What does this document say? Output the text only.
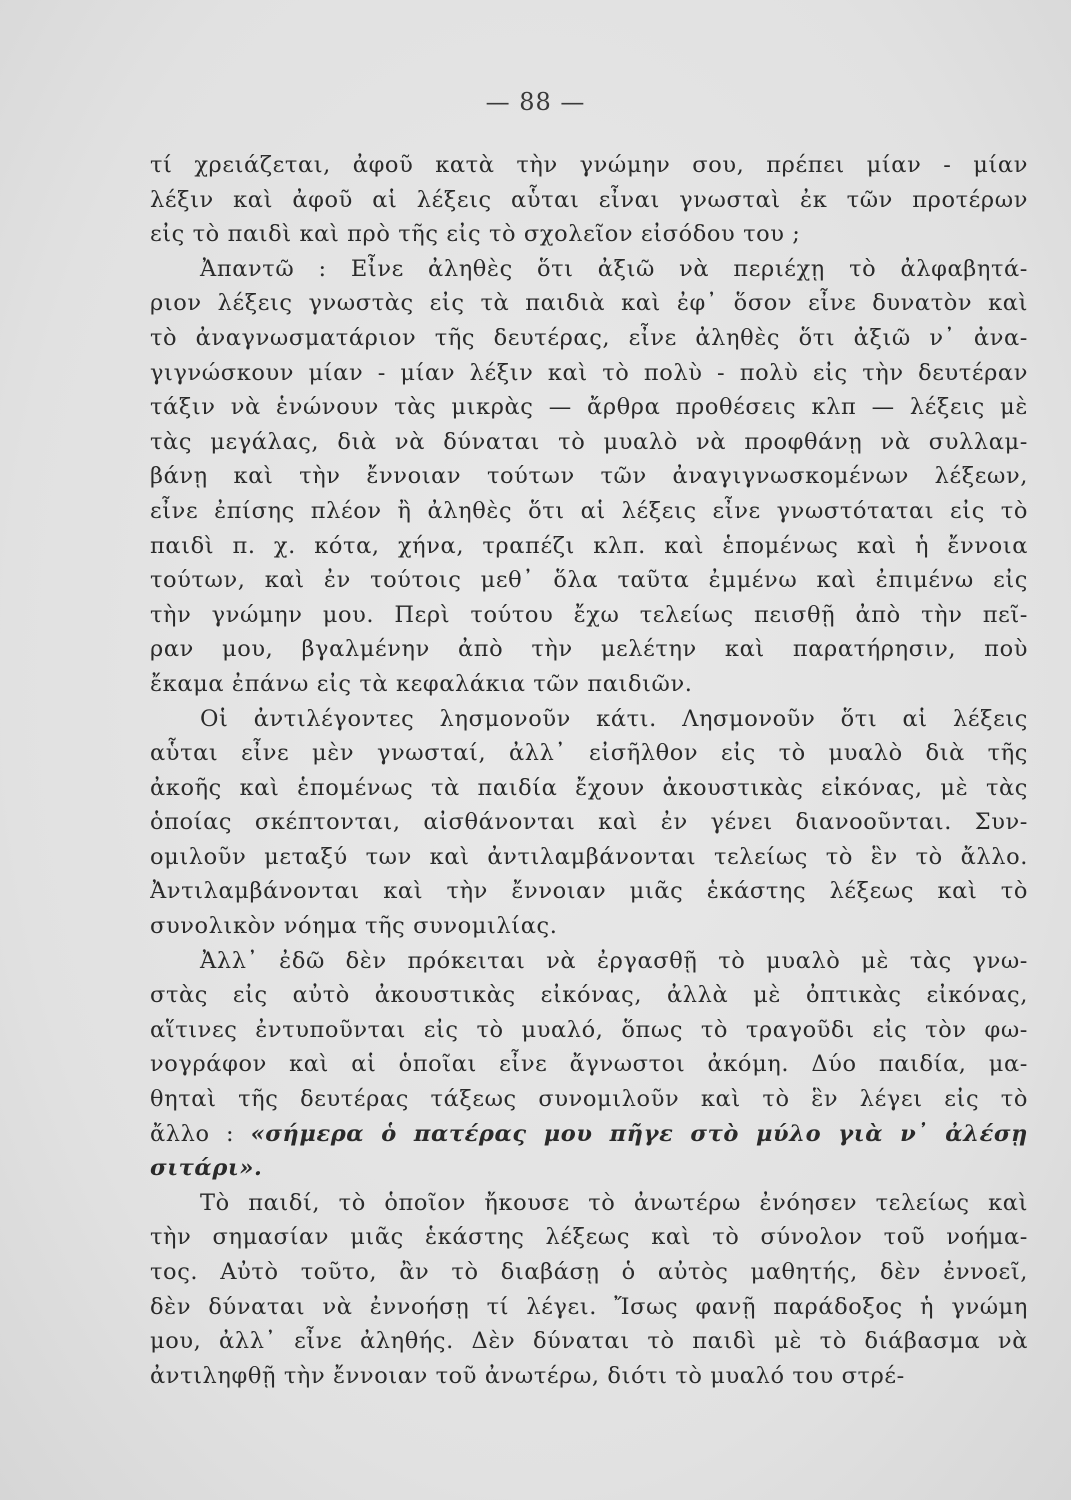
— 88 —
τί χρειάζεται, ἀφοῦ κατὰ τὴν γνώμην σου, πρέπει μίαν - μίαν
λέξιν καὶ ἀφοῦ αἱ λέξεις αὗται εἶναι γνωσταὶ ἐκ τῶν προτέρων
εἰς τὸ παιδὶ καὶ πρὸ τῆς εἰς τὸ σχολεῖον εἰσόδου του ;
Ἀπαντῶ : Εἶνε ἀληθὲς ὅτι ἀξιῶ νὰ περιέχῃ τὸ ἀλφαβητά-
ριον λέξεις γνωστὰς εἰς τὰ παιδιὰ καὶ ἐφ᾽ ὅσον εἶνε δυνατὸν καὶ
τὸ ἀναγνωσματάριον τῆς δευτέρας, εἶνε ἀληθὲς ὅτι ἀξιῶ ν᾽ ἀνα-
γιγνώσκουν μίαν - μίαν λέξιν καὶ τὸ πολὺ - πολὺ εἰς τὴν δευτέραν
τάξιν νὰ ἑνώνουν τὰς μικρὰς — ἄρθρα προθέσεις κλπ — λέξεις μὲ
τὰς μεγάλας, διὰ νὰ δύναται τὸ μυαλὸ νὰ προφθάνῃ νὰ συλλαμ-
βάνῃ καὶ τὴν ἔννοιαν τούτων τῶν ἀναγιγνωσκομένων λέξεων,
εἶνε ἐπίσης πλέον ἢ ἀληθὲς ὅτι αἱ λέξεις εἶνε γνωστόταται εἰς τὸ
παιδὶ π. χ. κότα, χήνα, τραπέζι κλπ. καὶ ἑπομένως καὶ ἡ ἔννοια
τούτων, καὶ ἐν τούτοις μεθ᾽ ὅλα ταῦτα ἐμμένω καὶ ἐπιμένω εἰς
τὴν γνώμην μου. Περὶ τούτου ἔχω τελείως πεισθῇ ἀπὸ τὴν πεῖ-
ραν μου, βγαλμένην ἀπὸ τὴν μελέτην καὶ παρατήρησιν, ποὺ
ἔκαμα ἐπάνω εἰς τὰ κεφαλάκια τῶν παιδιῶν.
Οἱ ἀντιλέγοντες λησμονοῦν κάτι. Λησμονοῦν ὅτι αἱ λέξεις
αὗται εἶνε μὲν γνωσταί, ἀλλ᾽ εἰσῆλθον εἰς τὸ μυαλὸ διὰ τῆς
ἀκοῆς καὶ ἑπομένως τὰ παιδία ἔχουν ἀκουστικὰς εἰκόνας, μὲ τὰς
ὁποίας σκέπτονται, αἰσθάνονται καὶ ἐν γένει διανοοῦνται. Συν-
ομιλοῦν μεταξύ των καὶ ἀντιλαμβάνονται τελείως τὸ ἓν τὸ ἄλλο.
Ἀντιλαμβάνονται καὶ τὴν ἔννοιαν μιᾶς ἑκάστης λέξεως καὶ τὸ
συνολικὸν νόημα τῆς συνομιλίας.
Ἀλλ᾽ ἐδῶ δὲν πρόκειται νὰ ἐργασθῇ τὸ μυαλὸ μὲ τὰς γνω-
στὰς εἰς αὐτὸ ἀκουστικὰς εἰκόνας, ἀλλὰ μὲ ὀπτικὰς εἰκόνας,
αἵτινες ἐντυποῦνται εἰς τὸ μυαλό, ὅπως τὸ τραγοῦδι εἰς τὸν φω-
νογράφον καὶ αἱ ὁποῖαι εἶνε ἄγνωστοι ἀκόμη. Δύο παιδία, μα-
θηταὶ τῆς δευτέρας τάξεως συνομιλοῦν καὶ τὸ ἓν λέγει εἰς τὸ
ἄλλο : «σήμερα ὁ πατέρας μου πῆγε στὸ μύλο γιὰ ν᾽ ἀλέσῃ
σιτάρι».
Τὸ παιδί, τὸ ὁποῖον ἤκουσε τὸ ἀνωτέρω ἐνόησεν τελείως καὶ
τὴν σημασίαν μιᾶς ἑκάστης λέξεως καὶ τὸ σύνολον τοῦ νοήμα-
τος. Αὐτὸ τοῦτο, ἂν τὸ διαβάσῃ ὁ αὐτὸς μαθητής, δὲν ἐννοεῖ,
δὲν δύναται νὰ ἐννοήσῃ τί λέγει. Ἴσως φανῇ παράδοξος ἡ γνώμη
μου, ἀλλ᾽ εἶνε ἀληθής. Δὲν δύναται τὸ παιδὶ μὲ τὸ διάβασμα νὰ
ἀντιληφθῇ τὴν ἔννοιαν τοῦ ἀνωτέρω, διότι τὸ μυαλό του στρέ-
